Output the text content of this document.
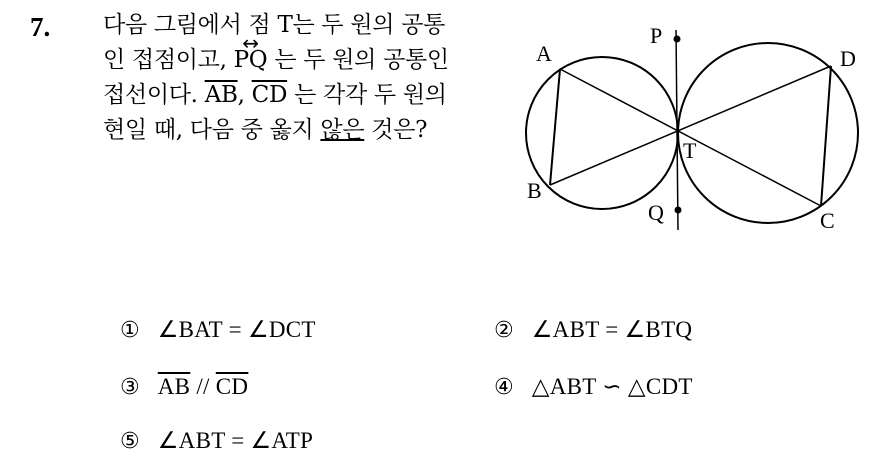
7. 다음 그림에서 점 T는 두 원의 공통
인 접점이고, ↔ PQ 는 두 원의 공통인
접선이다. $\overline{AB}$, $\overline{CD}$ 는 각각 두 원의
현일 때, 다음 중 옳지 않은 것은?
P
A	D
T
B
Q	C
① ∠BAT = ∠DCT	② ∠ABT = ∠BTQ
③ $\overline{AB} // \overline{CD}$	④ △ABT ∽ △CDT
⑤ ∠ABT = ∠ATP
